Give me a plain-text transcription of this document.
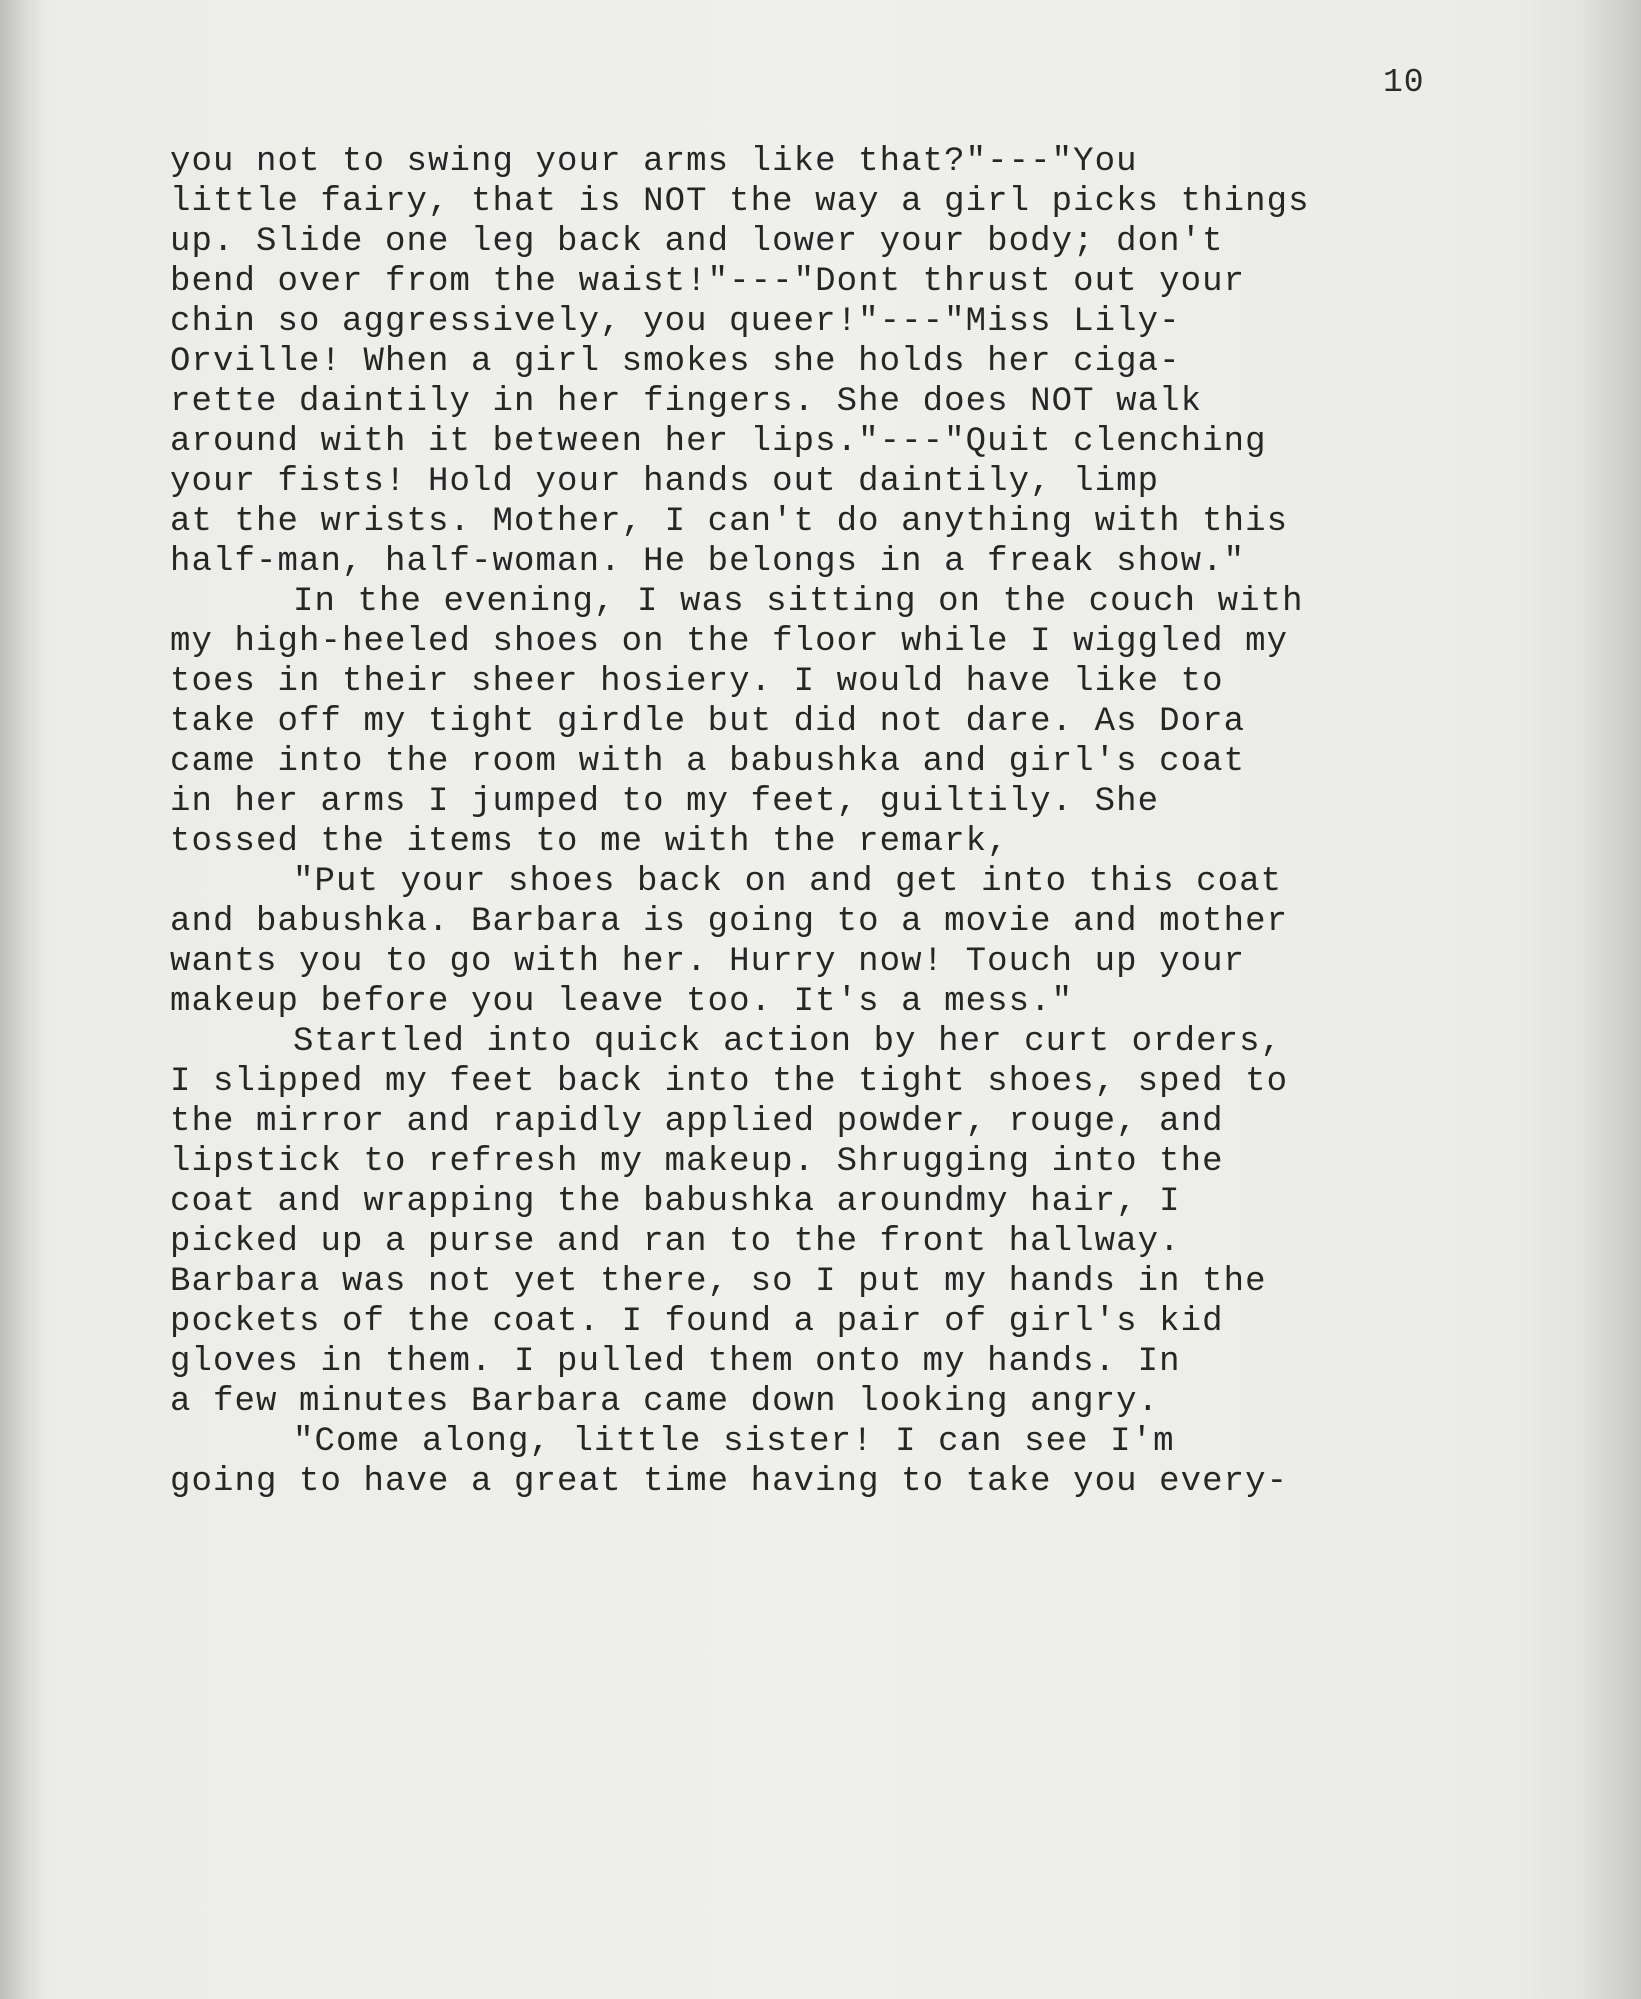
10
you not to swing your arms like that?"---"You
little fairy, that is NOT the way a girl picks things
up. Slide one leg back and lower your body; don't
bend over from the waist!"---"Dont thrust out your
chin so aggressively, you queer!"---"Miss Lily-
Orville! When a girl smokes she holds her ciga-
rette daintily in her fingers. She does NOT walk
around with it between her lips."---"Quit clenching
your fists! Hold your hands out daintily, limp
at the wrists. Mother, I can't do anything with this
half-man, half-woman. He belongs in a freak show."
In the evening, I was sitting on the couch with
my high-heeled shoes on the floor while I wiggled my
toes in their sheer hosiery. I would have like to
take off my tight girdle but did not dare. As Dora
came into the room with a babushka and girl's coat
in her arms I jumped to my feet, guiltily. She
tossed the items to me with the remark,
"Put your shoes back on and get into this coat
and babushka. Barbara is going to a movie and mother
wants you to go with her. Hurry now! Touch up your
makeup before you leave too. It's a mess."
Startled into quick action by her curt orders,
I slipped my feet back into the tight shoes, sped to
the mirror and rapidly applied powder, rouge, and
lipstick to refresh my makeup. Shrugging into the
coat and wrapping the babushka aroundmy hair, I
picked up a purse and ran to the front hallway.
Barbara was not yet there, so I put my hands in the
pockets of the coat. I found a pair of girl's kid
gloves in them. I pulled them onto my hands. In
a few minutes Barbara came down looking angry.
"Come along, little sister! I can see I'm
going to have a great time having to take you every-
